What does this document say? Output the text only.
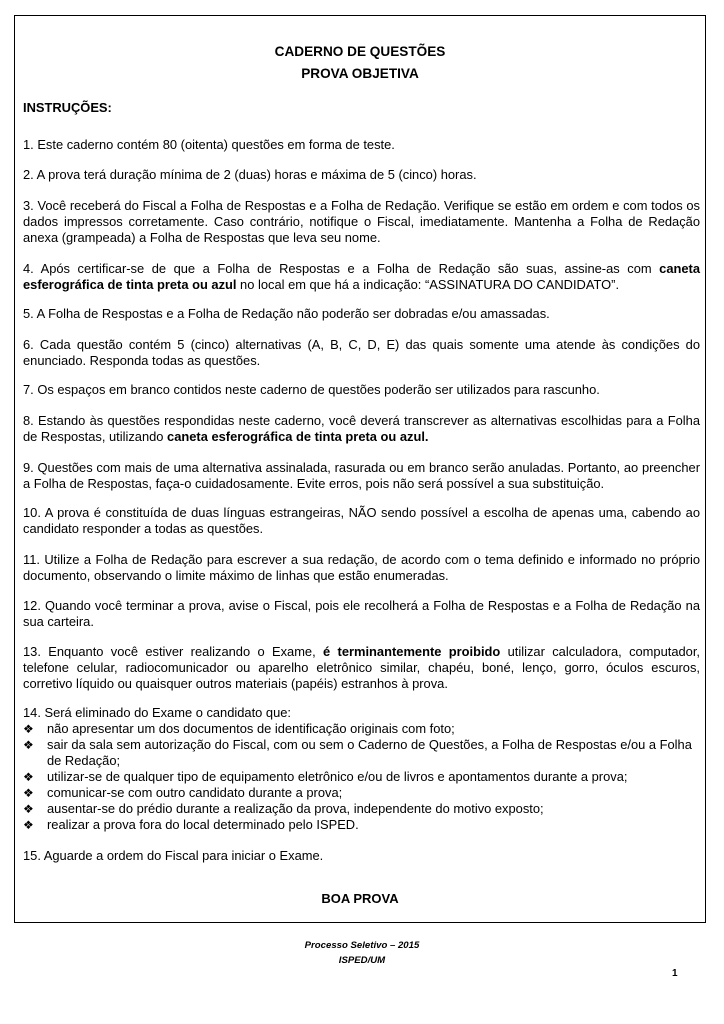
CADERNO DE QUESTÕES
PROVA OBJETIVA
INSTRUÇÕES:
1. Este caderno contém 80 (oitenta) questões em forma de teste.
2. A prova terá duração mínima de 2 (duas) horas e máxima de 5 (cinco) horas.
3. Você receberá do Fiscal a Folha de Respostas e a Folha de Redação. Verifique se estão em ordem e com todos os dados impressos corretamente. Caso contrário, notifique o Fiscal, imediatamente. Mantenha a Folha de Redação anexa (grampeada) a Folha de Respostas que leva seu nome.
4. Após certificar-se de que a Folha de Respostas e a Folha de Redação são suas, assine-as com caneta esferográfica de tinta preta ou azul no local em que há a indicação: “ASSINATURA DO CANDIDATO”.
5. A Folha de Respostas e a Folha de Redação não poderão ser dobradas e/ou amassadas.
6. Cada questão contém 5 (cinco) alternativas (A, B, C, D, E) das quais somente uma atende às condições do enunciado. Responda todas as questões.
7. Os espaços em branco contidos neste caderno de questões poderão ser utilizados para rascunho.
8. Estando às questões respondidas neste caderno, você deverá transcrever as alternativas escolhidas para a Folha de Respostas, utilizando caneta esferográfica de tinta preta ou azul.
9. Questões com mais de uma alternativa assinalada, rasurada ou em branco serão anuladas. Portanto, ao preencher a Folha de Respostas, faça-o cuidadosamente. Evite erros, pois não será possível a sua substituição.
10. A prova é constituída de duas línguas estrangeiras, NÃO sendo possível a escolha de apenas uma, cabendo ao candidato responder a todas as questões.
11. Utilize a Folha de Redação para escrever a sua redação, de acordo com o tema definido e informado no próprio documento, observando o limite máximo de linhas que estão enumeradas.
12. Quando você terminar a prova, avise o Fiscal, pois ele recolherá a Folha de Respostas e a Folha de Redação na sua carteira.
13. Enquanto você estiver realizando o Exame, é terminantemente proibido utilizar calculadora, computador, telefone celular, radiocomunicador ou aparelho eletrônico similar, chapéu, boné, lenço, gorro, óculos escuros, corretivo líquido ou quaisquer outros materiais (papéis) estranhos à prova.
14. Será eliminado do Exame o candidato que:
❖ não apresentar um dos documentos de identificação originais com foto;
❖ sair da sala sem autorização do Fiscal, com ou sem o Caderno de Questões, a Folha de Respostas e/ou a Folha de Redação;
❖ utilizar-se de qualquer tipo de equipamento eletrônico e/ou de livros e apontamentos durante a prova;
❖ comunicar-se com outro candidato durante a prova;
❖ ausentar-se do prédio durante a realização da prova, independente do motivo exposto;
❖ realizar a prova fora do local determinado pelo ISPED.
15. Aguarde a ordem do Fiscal para iniciar o Exame.
BOA PROVA
Processo Seletivo – 2015
ISPED/UM
1
